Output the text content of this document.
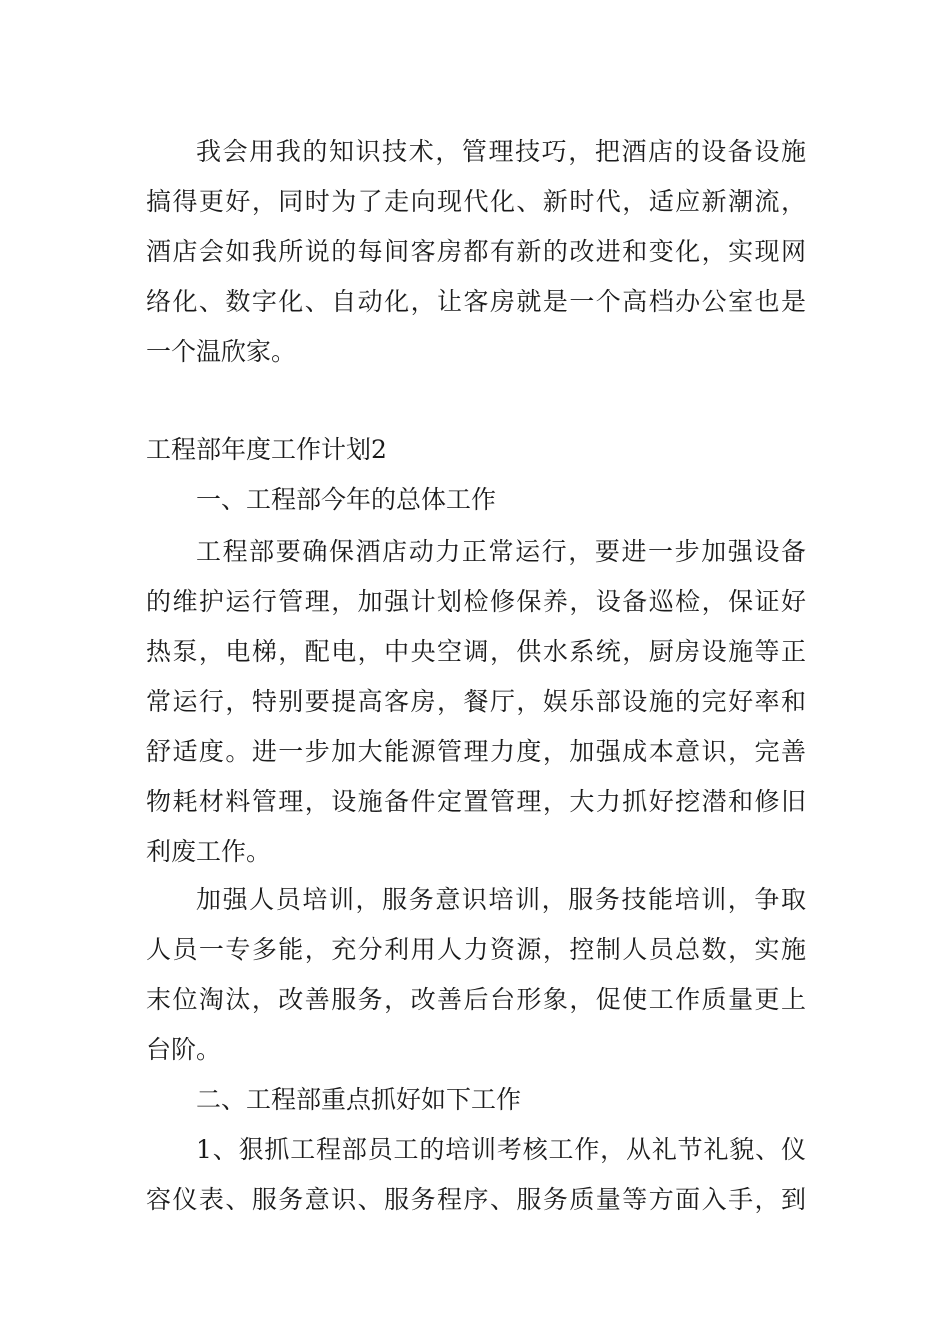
我会用我的知识技术，管理技巧，把酒店的设备设施
搞得更好，同时为了走向现代化、新时代，适应新潮流，
酒店会如我所说的每间客房都有新的改进和变化，实现网
络化、数字化、自动化，让客房就是一个高档办公室也是
一个温欣家。
工程部年度工作计划2
一、工程部今年的总体工作
工程部要确保酒店动力正常运行，要进一步加强设备
的维护运行管理，加强计划检修保养，设备巡检，保证好
热泵，电梯，配电，中央空调，供水系统，厨房设施等正
常运行，特别要提高客房，餐厅，娱乐部设施的完好率和
舒适度。进一步加大能源管理力度，加强成本意识，完善
物耗材料管理，设施备件定置管理，大力抓好挖潜和修旧
利废工作。
加强人员培训，服务意识培训，服务技能培训，争取
人员一专多能，充分利用人力资源，控制人员总数，实施
末位淘汰，改善服务，改善后台形象，促使工作质量更上
台阶。
二、工程部重点抓好如下工作
1、狠抓工程部员工的培训考核工作，从礼节礼貌、仪
容仪表、服务意识、服务程序、服务质量等方面入手，到
